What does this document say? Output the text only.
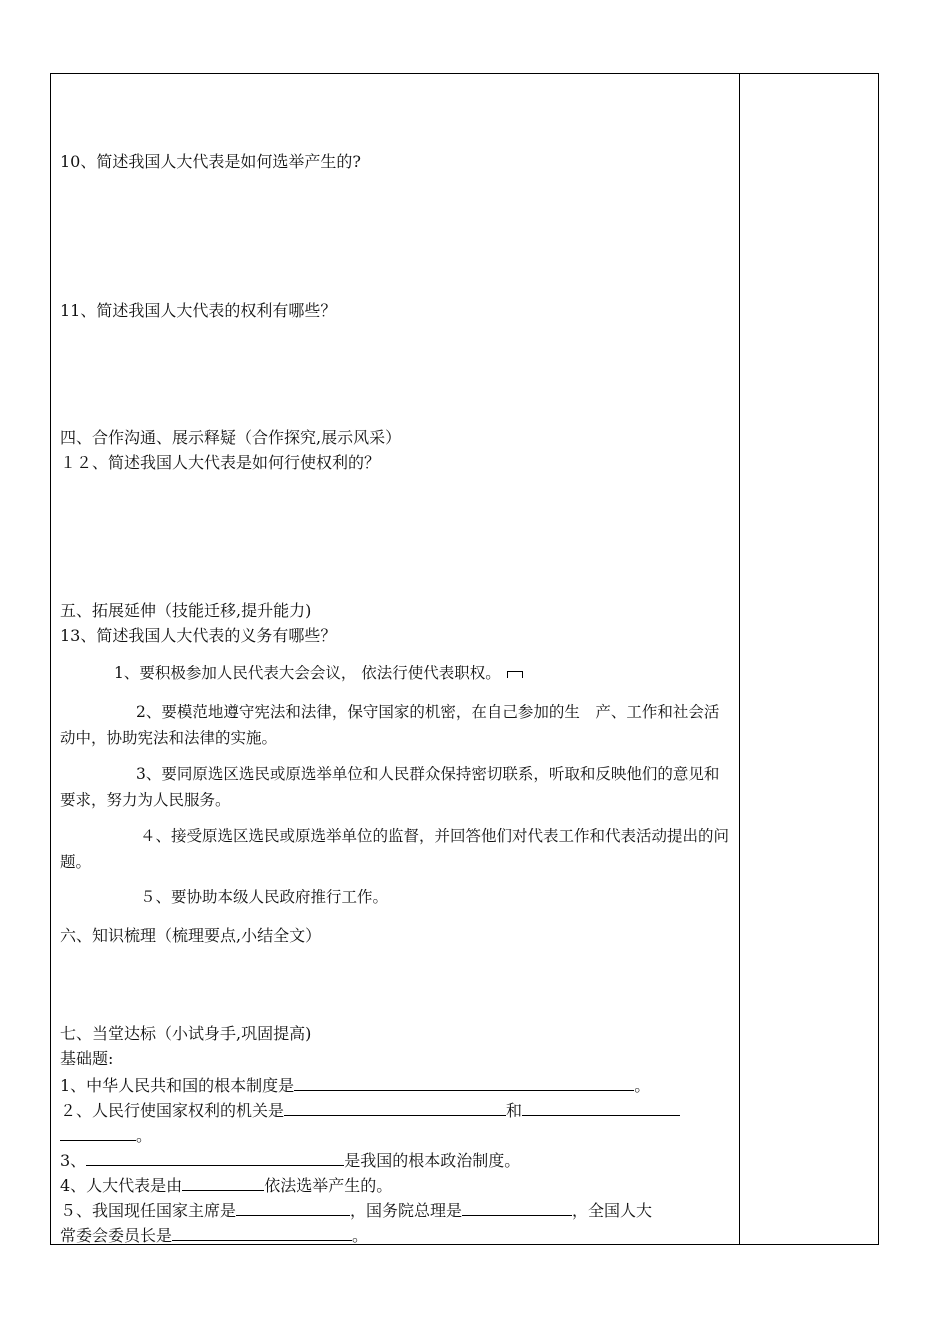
10、简述我国人大代表是如何选举产生的?
11、简述我国人大代表的权利有哪些？
四、合作沟通、展示释疑（合作探究,展示风采）
１２、简述我国人大代表是如何行使权利的？
五、拓展延伸（技能迁移,提升能力)
13、简述我国人大代表的义务有哪些？
1、要积极参加人民代表大会会议， 依法行使代表职权。
2、要模范地遵守宪法和法律，保守国家的机密，在自己参加的生　产、工作和社会活动中，协助宪法和法律的实施。
3、要同原选区选民或原选举单位和人民群众保持密切联系，听取和反映他们的意见和要求，努力为人民服务。
４、接受原选区选民或原选举单位的监督，并回答他们对代表工作和代表活动提出的问题。
５、要协助本级人民政府推行工作。
六、知识梳理（梳理要点,小结全文）
七、当堂达标（小试身手,巩固提高)
基础题:
1、中华人民共和国的根本制度是	。
２、人民行使国家权利的机关是	和
。
3、	是我国的根本政治制度。
4、人大代表是由	依法选举产生的。
５、我国现任国家主席是	，国务院总理是	，全国人大
常委会委员长是	。
